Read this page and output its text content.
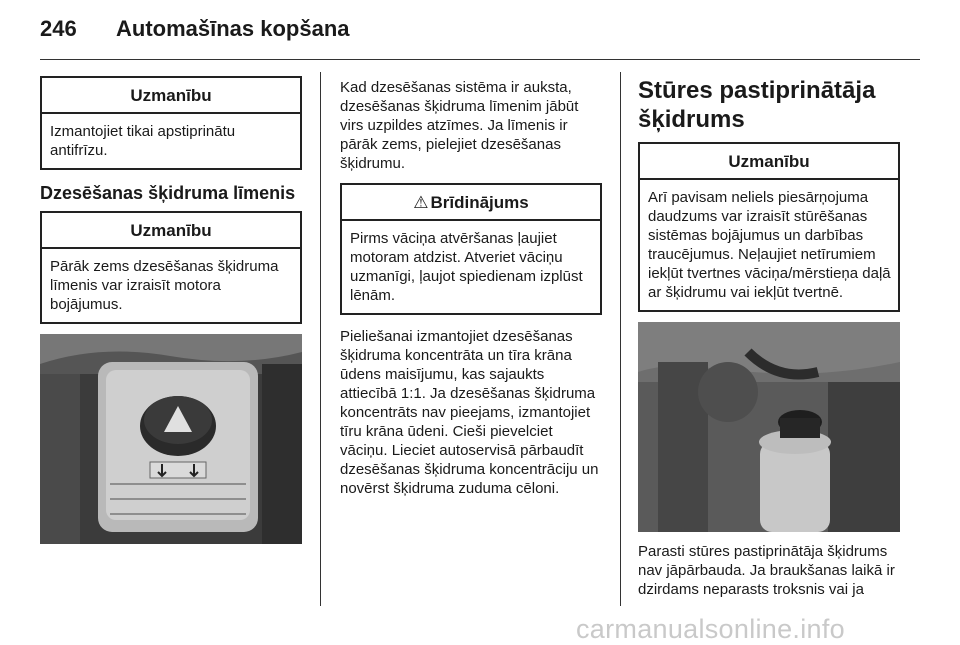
246 Automašīnas kopšana
Uzmanību
Izmantojiet tikai apstiprinātu antifrīzu.
Dzesēšanas šķidruma līmenis
Uzmanību
Pārāk zems dzesēšanas šķidruma līmenis var izraisīt motora bojājumus.

Kad dzesēšanas sistēma ir auksta, dzesēšanas šķidruma līmenim jābūt virs uzpildes atzīmes. Ja līmenis ir pārāk zems, pielejiet dzesēšanas šķidrumu.

⚠ Brīdinājums
Pirms vāciņa atvēršanas ļaujiet motoram atdzist. Atveriet vāciņu uzmanīgi, ļaujot spiedienam izplūst lēnām.

Pieliešanai izmantojiet dzesēšanas šķidruma koncentrāta un tīra krāna ūdens maisījumu, kas sajaukts attiecībā 1:1. Ja dzesēšanas šķidruma koncentrāts nav pieejams, izmantojiet tīru krāna ūdeni. Cieši pievelciet vāciņu. Lieciet autoservisā pārbaudīt dzesēšanas šķidruma koncentrāciju un novērst šķidruma zuduma cēloni.

Stūres pastiprinātāja šķidrums
Uzmanību
Arī pavisam neliels piesārņojuma daudzums var izraisīt stūrēšanas sistēmas bojājumus un darbības traucējumus. Neļaujiet netīrumiem iekļūt tvertnes vāciņa/mērstieņa daļā ar šķidrumu vai iekļūt tvertnē.

Parasti stūres pastiprinātāja šķidrums nav jāpārbauda. Ja braukšanas laikā ir dzirdams neparasts troksnis vai ja

carmanualsonline.info
